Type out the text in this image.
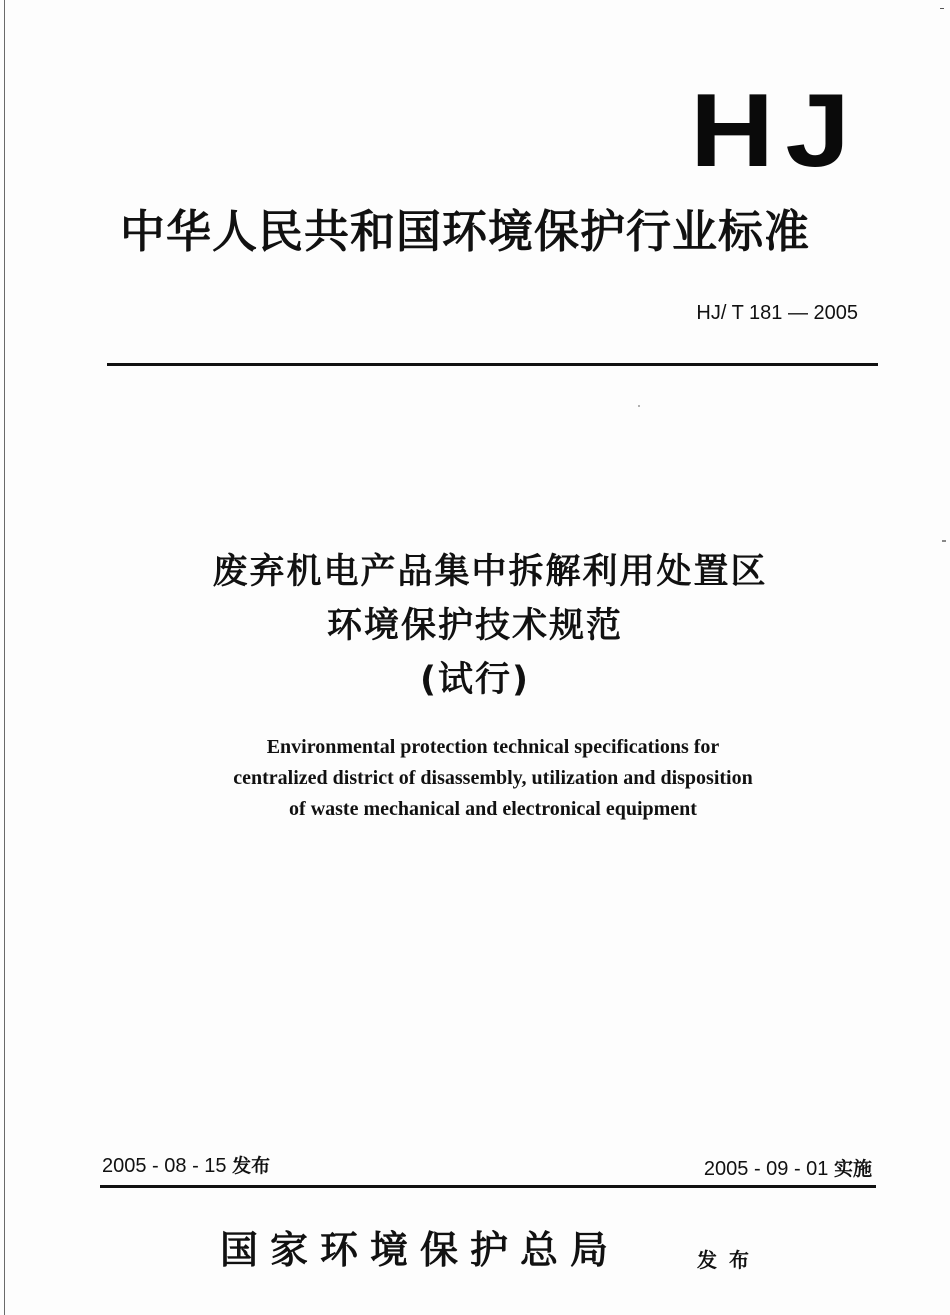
HJ
中华人民共和国环境保护行业标准
HJ/ T 181 — 2005
废弃机电产品集中拆解利用处置区
环境保护技术规范
(试行)
Environmental protection technical specifications for
centralized district of disassembly, utilization and disposition
of waste mechanical and electronical equipment
2005 - 08 - 15 发布	2005 - 09 - 01 实施
国家环境保护总局	发布
